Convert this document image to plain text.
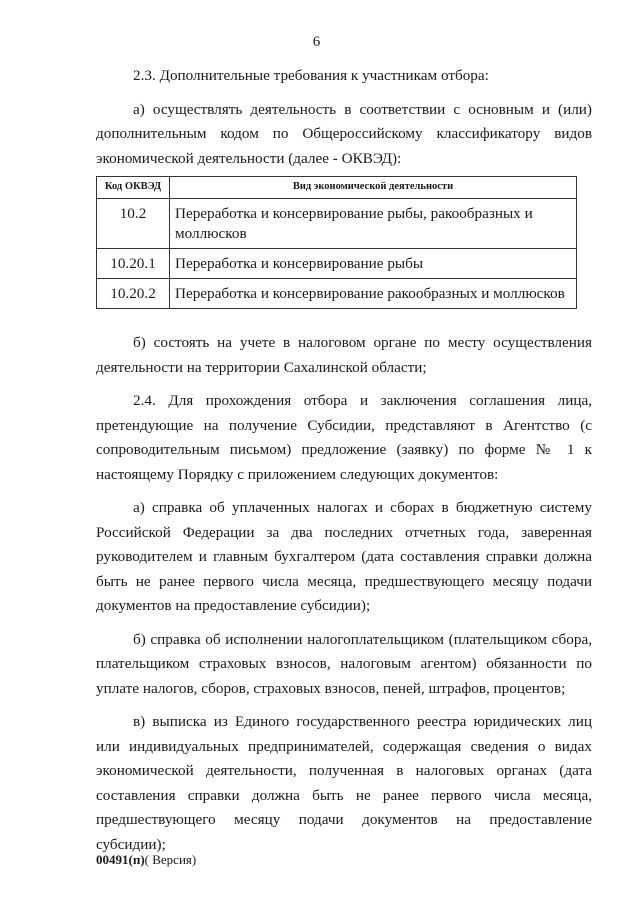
6

2.3. Дополнительные требования к участникам отбора:

а) осуществлять деятельность в соответствии с основным и (или) дополнительным кодом по Общероссийскому классификатору видов экономической деятельности (далее - ОКВЭД):

Код ОКВЭД	Вид экономической деятельности
10.2	Переработка и консервирование рыбы, ракообразных и моллюсков
10.20.1	Переработка и консервирование рыбы
10.20.2	Переработка и консервирование ракообразных и моллюсков

б) состоять на учете в налоговом органе по месту осуществления деятельности на территории Сахалинской области;

2.4. Для прохождения отбора и заключения соглашения лица, претендующие на получение Субсидии, представляют в Агентство (с сопроводительным письмом) предложение (заявку) по форме № 1 к настоящему Порядку с приложением следующих документов:

а) справка об уплаченных налогах и сборах в бюджетную систему Российской Федерации за два последних отчетных года, заверенная руководителем и главным бухгалтером (дата составления справки должна быть не ранее первого числа месяца, предшествующего месяцу подачи документов на предоставление субсидии);

б) справка об исполнении налогоплательщиком (плательщиком сбора, плательщиком страховых взносов, налоговым агентом) обязанности по уплате налогов, сборов, страховых взносов, пеней, штрафов, процентов;

в) выписка из Единого государственного реестра юридических лиц или индивидуальных предпринимателей, содержащая сведения о видах экономической деятельности, полученная в налоговых органах (дата составления справки должна быть не ранее первого числа месяца, предшествующего месяцу подачи документов на предоставление субсидии);

00491(п)( Версия)
